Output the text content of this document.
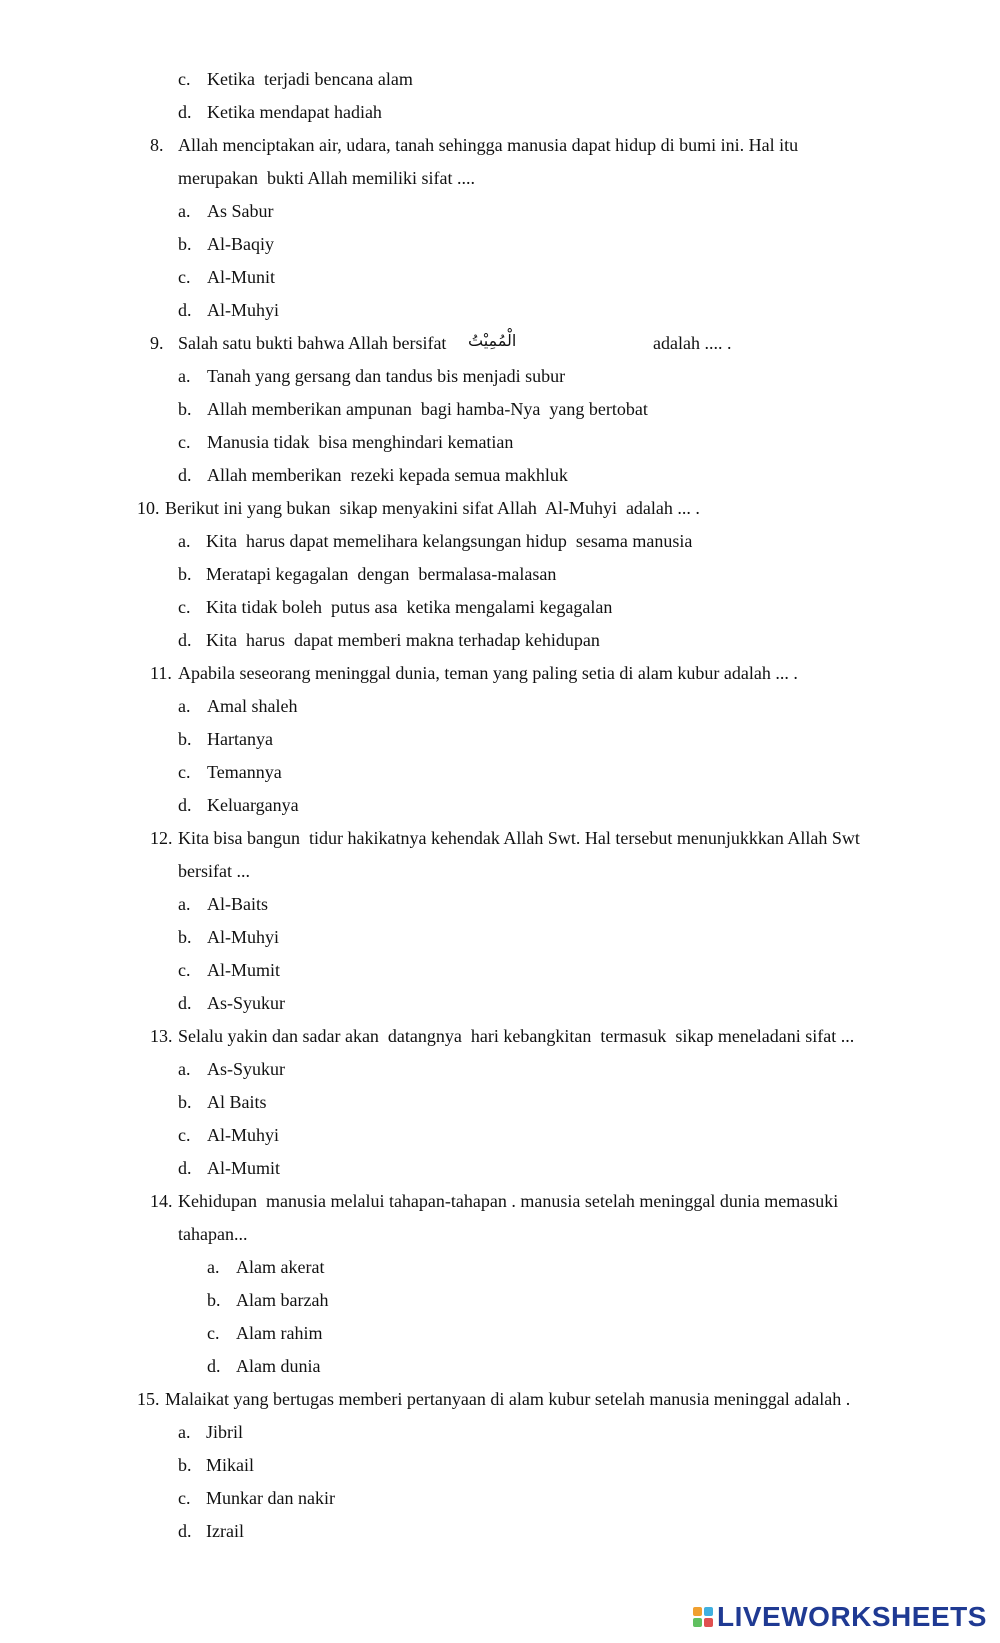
c. Ketika  terjadi bencana alam
d. Ketika mendapat hadiah
8. Allah menciptakan air, udara, tanah sehingga manusia dapat hidup di bumi ini. Hal itu
merupakan  bukti Allah memiliki sifat ....
a. As Sabur
b. Al-Baqiy
c. Al-Munit
d. Al-Muhyi
9. Salah satu bukti bahwa Allah bersifat الْمُمِيْتُ	adalah .... .
a. Tanah yang gersang dan tandus bis menjadi subur
b. Allah memberikan ampunan  bagi hamba-Nya  yang bertobat
c. Manusia tidak  bisa menghindari kematian
d. Allah memberikan  rezeki kepada semua makhluk
10. Berikut ini yang bukan  sikap menyakini sifat Allah  Al-Muhyi  adalah ... .
a. Kita  harus dapat memelihara kelangsungan hidup  sesama manusia
b. Meratapi kegagalan  dengan  bermalasa-malasan
c. Kita tidak boleh  putus asa  ketika mengalami kegagalan
d. Kita  harus  dapat memberi makna terhadap kehidupan
11. Apabila seseorang meninggal dunia, teman yang paling setia di alam kubur adalah ... .
a. Amal shaleh
b. Hartanya
c. Temannya
d. Keluarganya
12. Kita bisa bangun  tidur hakikatnya kehendak Allah Swt. Hal tersebut menunjukkkan Allah Swt
bersifat ...
a. Al-Baits
b. Al-Muhyi
c. Al-Mumit
d. As-Syukur
13. Selalu yakin dan sadar akan  datangnya  hari kebangkitan  termasuk  sikap meneladani sifat ...
a. As-Syukur
b. Al Baits
c. Al-Muhyi
d. Al-Mumit
14. Kehidupan  manusia melalui tahapan-tahapan . manusia setelah meninggal dunia memasuki
tahapan...
a. Alam akerat
b. Alam barzah
c. Alam rahim
d. Alam dunia
15. Malaikat yang bertugas memberi pertanyaan di alam kubur setelah manusia meninggal adalah .
a. Jibril
b. Mikail
c. Munkar dan nakir
d. Izrail
LIVEWORKSHEETS
